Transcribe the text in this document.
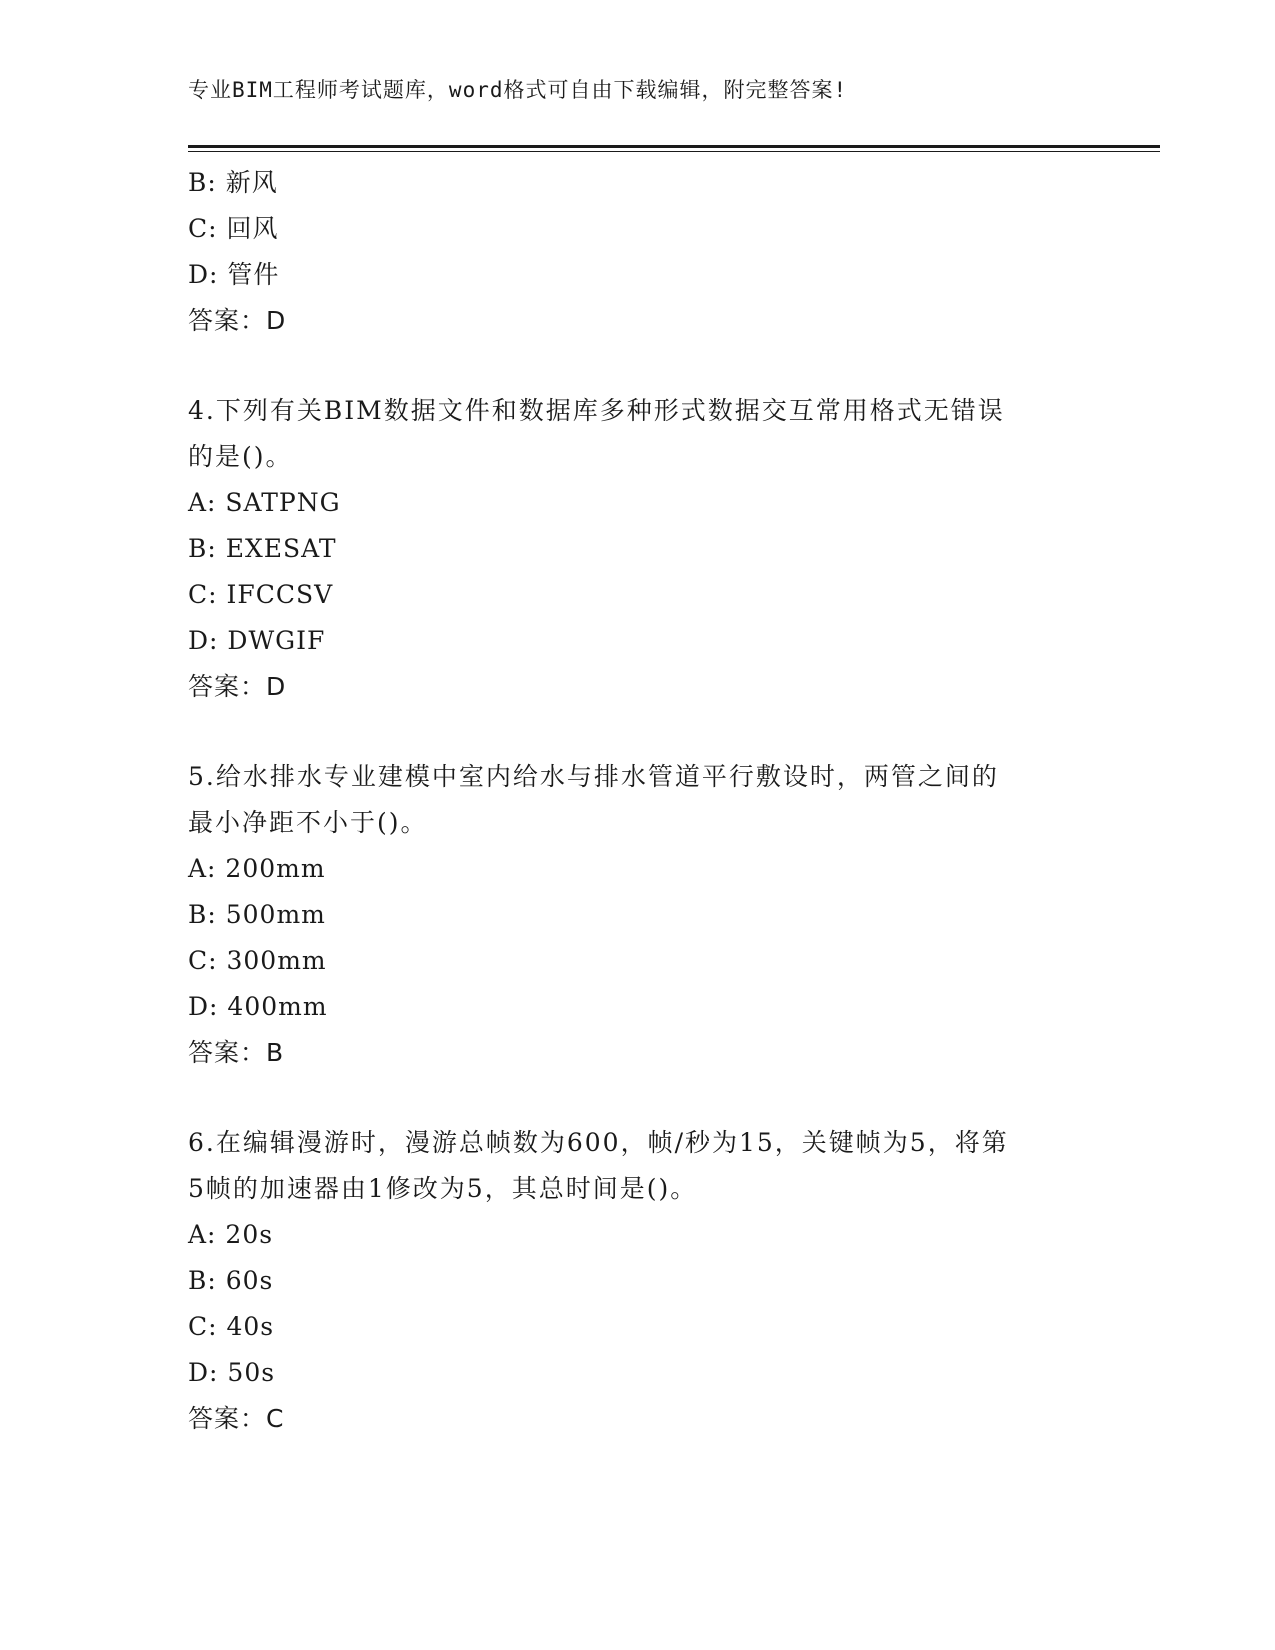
专业BIM工程师考试题库，word格式可自由下载编辑，附完整答案!
B: 新风
C: 回风
D: 管件
答案：D
4.下列有关BIM数据文件和数据库多种形式数据交互常用格式无错误
的是()。
A: SATPNG
B: EXESAT
C: IFCCSV
D: DWGIF
答案：D
5.给水排水专业建模中室内给水与排水管道平行敷设时，两管之间的
最小净距不小于()。
A: 200mm
B: 500mm
C: 300mm
D: 400mm
答案：B
6.在编辑漫游时，漫游总帧数为600，帧/秒为15，关键帧为5，将第
5帧的加速器由1修改为5，其总时间是()。
A: 20s
B: 60s
C: 40s
D: 50s
答案：C
